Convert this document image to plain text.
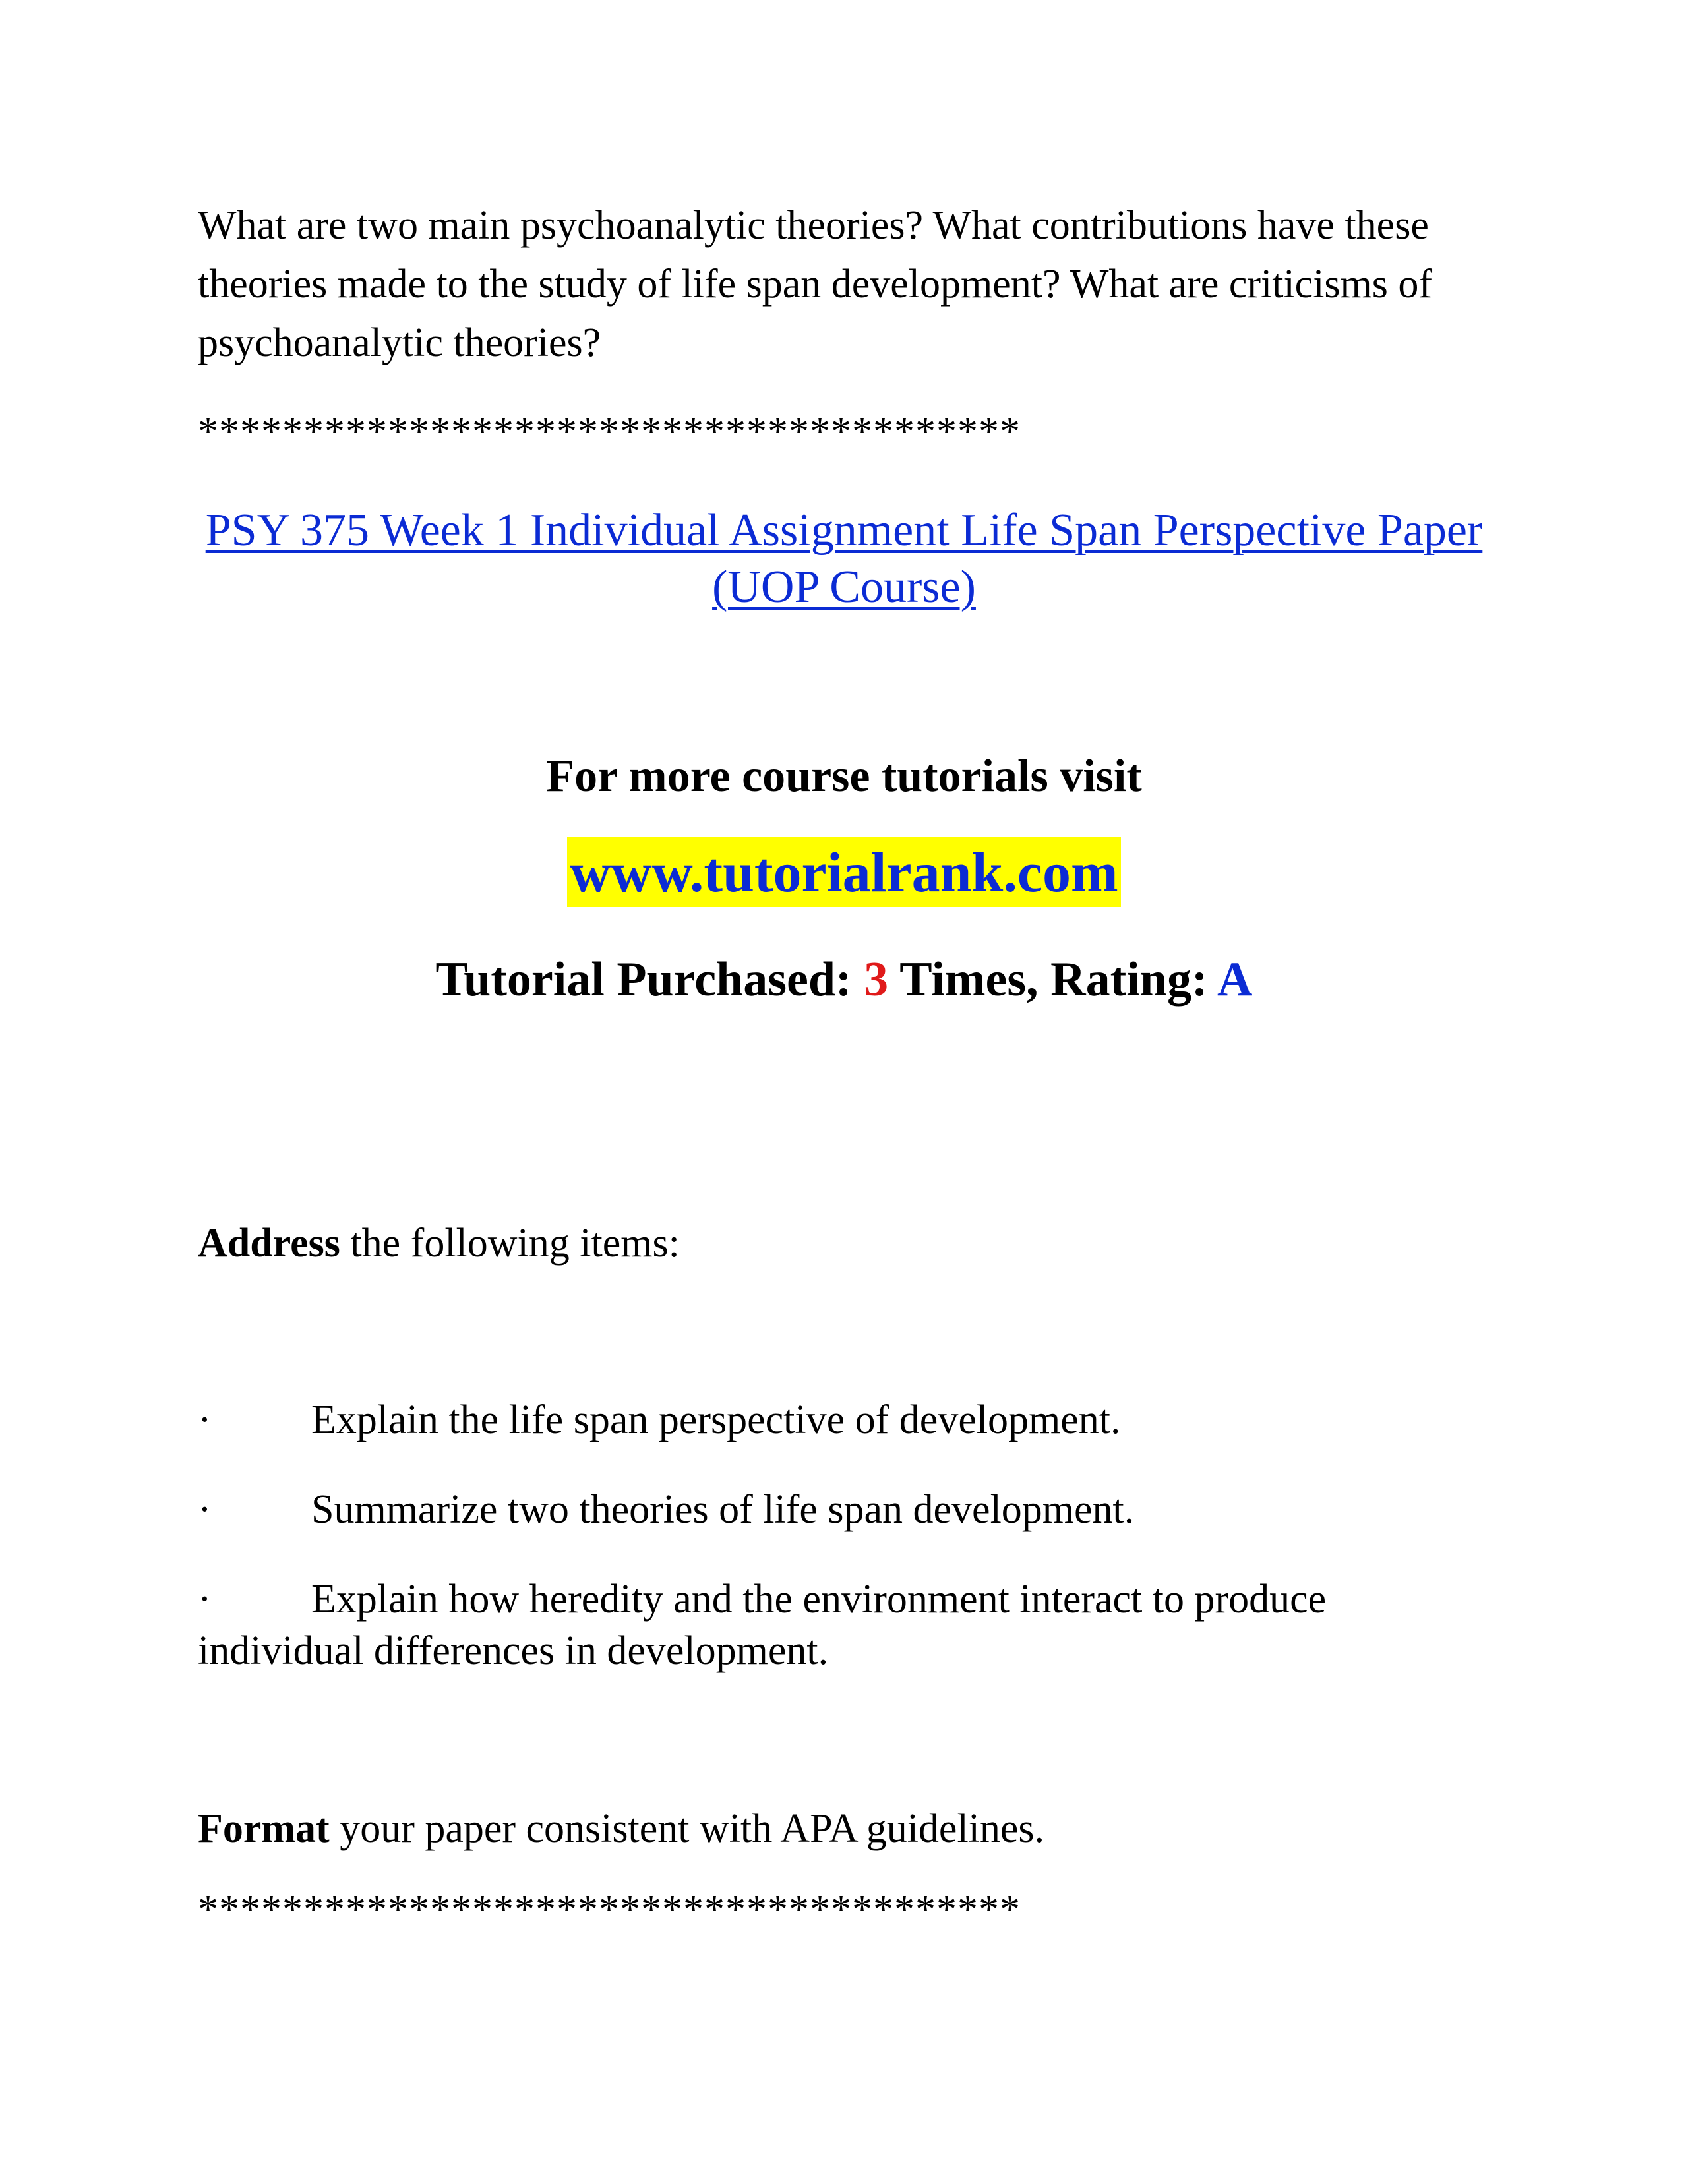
What are two main psychoanalytic theories? What contributions have these theories made to the study of life span development? What are criticisms of psychoanalytic theories?

***************************************

PSY 375 Week 1 Individual Assignment Life Span Perspective Paper (UOP Course)

For more course tutorials visit

www.tutorialrank.com

Tutorial Purchased: 3 Times, Rating: A

Address the following items:

· Explain the life span perspective of development.
· Summarize two theories of life span development.
· Explain how heredity and the environment interact to produce individual differences in development.

Format your paper consistent with APA guidelines.

***************************************
